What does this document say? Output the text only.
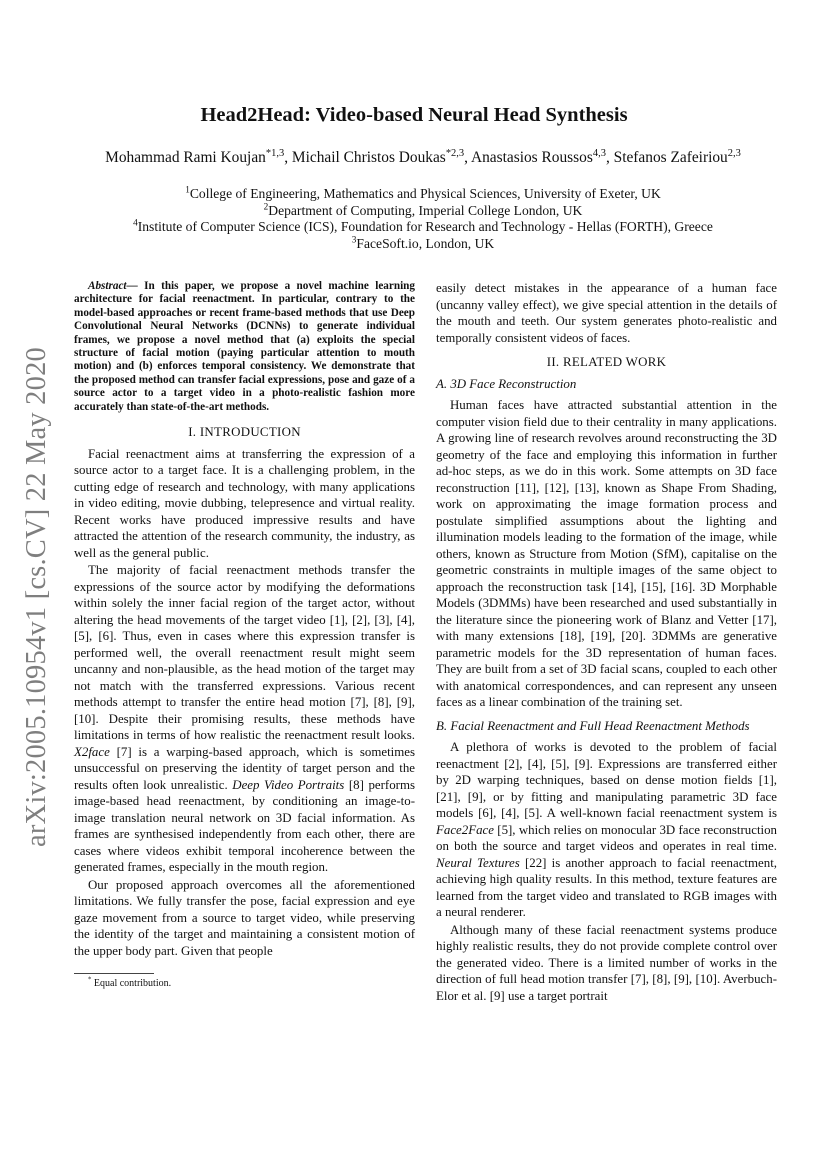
arXiv:2005.10954v1 [cs.CV] 22 May 2020
Head2Head: Video-based Neural Head Synthesis
Mohammad Rami Koujan$^{*1,3}$, Michail Christos Doukas$^{*2,3}$, Anastasios Roussos$^{4,3}$, Stefanos Zafeiriou$^{2,3}$
$^1$College of Engineering, Mathematics and Physical Sciences, University of Exeter, UK
$^2$Department of Computing, Imperial College London, UK
$^4$Institute of Computer Science (ICS), Foundation for Research and Technology - Hellas (FORTH), Greece
$^3$FaceSoft.io, London, UK

Abstract— In this paper, we propose a novel machine learning architecture for facial reenactment. In particular, contrary to the model-based approaches or recent frame-based methods that use Deep Convolutional Neural Networks (DCNNs) to generate individual frames, we propose a novel method that (a) exploits the special structure of facial motion (paying particular attention to mouth motion) and (b) enforces temporal consistency. We demonstrate that the proposed method can transfer facial expressions, pose and gaze of a source actor to a target video in a photo-realistic fashion more accurately than state-of-the-art methods.

I. INTRODUCTION

Facial reenactment aims at transferring the expression of a source actor to a target face. It is a challenging problem, in the cutting edge of research and technology, with many applications in video editing, movie dubbing, telepresence and virtual reality. Recent works have produced impressive results and have attracted the attention of the research community, the industry, as well as the general public.

The majority of facial reenactment methods transfer the expressions of the source actor by modifying the deformations within solely the inner facial region of the target actor, without altering the head movements of the target video [1], [2], [3], [4], [5], [6]. Thus, even in cases where this expression transfer is performed well, the overall reenactment result might seem uncanny and non-plausible, as the head motion of the target may not match with the transferred expressions. Various recent methods attempt to transfer the entire head motion [7], [8], [9], [10]. Despite their promising results, these methods have limitations in terms of how realistic the reenactment result looks. X2face [7] is a warping-based approach, which is sometimes unsuccessful on preserving the identity of target person and the results often look unrealistic. Deep Video Portraits [8] performs image-based head reenactment, by conditioning an image-to-image translation neural network on 3D facial information. As frames are synthesised independently from each other, there are cases where videos exhibit temporal incoherence between the generated frames, especially in the mouth region.

Our proposed approach overcomes all the aforementioned limitations. We fully transfer the pose, facial expression and eye gaze movement from a source to target video, while preserving the identity of the target and maintaining a consistent motion of the upper body part. Given that people

* Equal contribution.

easily detect mistakes in the appearance of a human face (uncanny valley effect), we give special attention in the details of the mouth and teeth. Our system generates photo-realistic and temporally consistent videos of faces.

II. RELATED WORK
A. 3D Face Reconstruction

Human faces have attracted substantial attention in the computer vision field due to their centrality in many applications. A growing line of research revolves around reconstructing the 3D geometry of the face and employing this information in further ad-hoc steps, as we do in this work. Some attempts on 3D face reconstruction [11], [12], [13], known as Shape From Shading, work on approximating the image formation process and postulate simplified assumptions about the lighting and illumination models leading to the formation of the image, while others, known as Structure from Motion (SfM), capitalise on the geometric constraints in multiple images of the same object to approach the reconstruction task [14], [15], [16]. 3D Morphable Models (3DMMs) have been researched and used substantially in the literature since the pioneering work of Blanz and Vetter [17], with many extensions [18], [19], [20]. 3DMMs are generative parametric models for the 3D representation of human faces. They are built from a set of 3D facial scans, coupled to each other with anatomical correspondences, and can represent any unseen faces as a linear combination of the training set.

B. Facial Reenactment and Full Head Reenactment Methods

A plethora of works is devoted to the problem of facial reenactment [2], [4], [5], [9]. Expressions are transferred either by 2D warping techniques, based on dense motion fields [1], [21], [9], or by fitting and manipulating parametric 3D face models [6], [4], [5]. A well-known facial reenactment system is Face2Face [5], which relies on monocular 3D face reconstruction on both the source and target videos and operates in real time. Neural Textures [22] is another approach to facial reenactment, achieving high quality results. In this method, texture features are learned from the target video and translated to RGB images with a neural renderer.

Although many of these facial reenactment systems produce highly realistic results, they do not provide complete control over the generated video. There is a limited number of works in the direction of full head motion transfer [7], [8], [9], [10]. Averbuch-Elor et al. [9] use a target portrait
